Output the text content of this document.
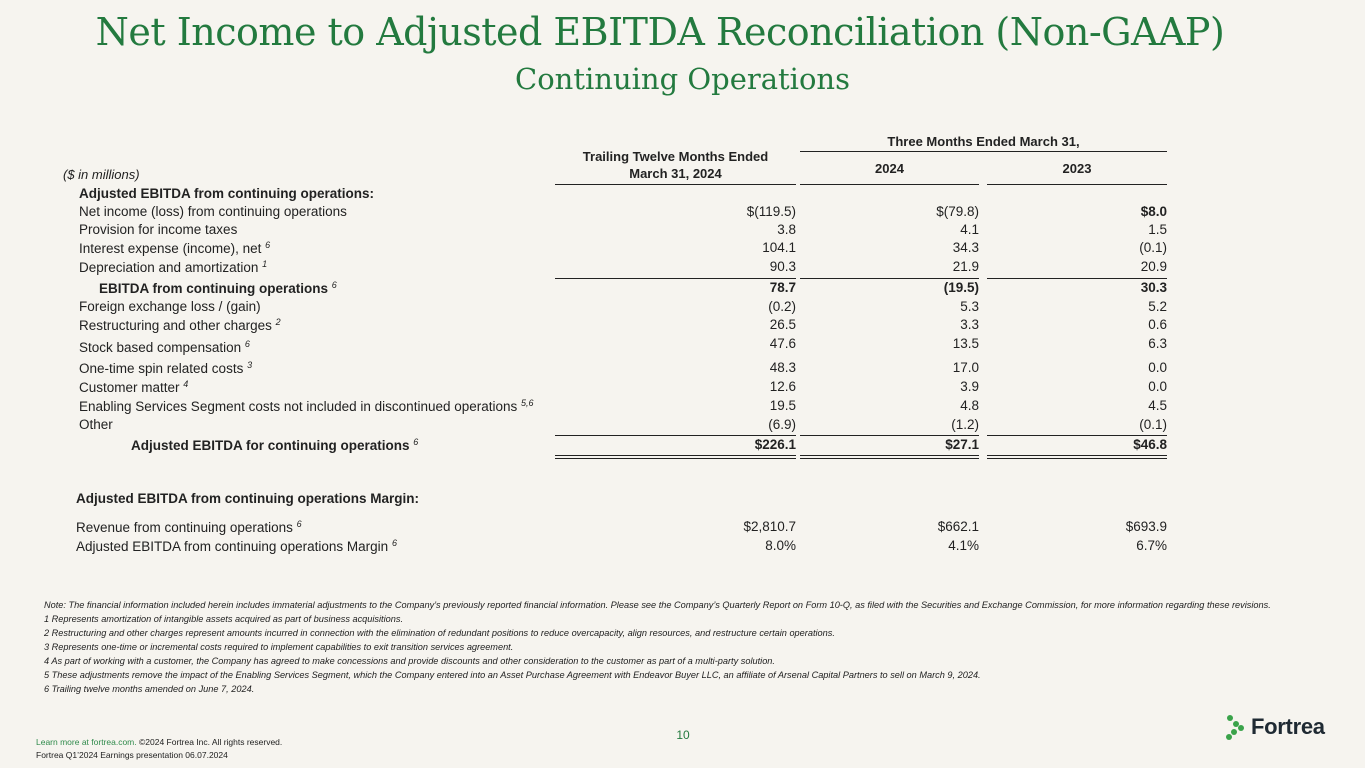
Net Income to Adjusted EBITDA Reconciliation (Non-GAAP)
Continuing Operations
Three Months Ended March 31,
Trailing Twelve Months Ended
March 31, 2024	2024	2023
($ in millions)
Adjusted EBITDA from continuing operations:
Net income (loss) from continuing operations	$(119.5)	$(79.8)	$8.0
Provision for income taxes	3.8	4.1	1.5
Interest expense (income), net $^6$	104.1	34.3	(0.1)
Depreciation and amortization $^1$	90.3	21.9	20.9
EBITDA from continuing operations $^6$	78.7	(19.5)	30.3
Foreign exchange loss / (gain)	(0.2)	5.3	5.2
Restructuring and other charges $^2$	26.5	3.3	0.6
Stock based compensation $^6$	47.6	13.5	6.3
One-time spin related costs $^3$	48.3	17.0	0.0
Customer matter $^4$	12.6	3.9	0.0
Enabling Services Segment costs not included in discontinued operations $^{5,6}$	19.5	4.8	4.5
Other	(6.9)	(1.2)	(0.1)
Adjusted EBITDA for continuing operations $^6$	$226.1	$27.1	$46.8
Adjusted EBITDA from continuing operations Margin:
Revenue from continuing operations $^6$	$2,810.7	$662.1	$693.9
Adjusted EBITDA from continuing operations Margin $^6$	8.0%	4.1%	6.7%
Note: The financial information included herein includes immaterial adjustments to the Company’s previously reported financial information. Please see the Company’s Quarterly Report on Form 10-Q, as filed with the Securities and Exchange Commission, for more information regarding these revisions.
1 Represents amortization of intangible assets acquired as part of business acquisitions.
2 Restructuring and other charges represent amounts incurred in connection with the elimination of redundant positions to reduce overcapacity, align resources, and restructure certain operations.
3 Represents one-time or incremental costs required to implement capabilities to exit transition services agreement.
4 As part of working with a customer, the Company has agreed to make concessions and provide discounts and other consideration to the customer as part of a multi-party solution.
5 These adjustments remove the impact of the Enabling Services Segment, which the Company entered into an Asset Purchase Agreement with Endeavor Buyer LLC, an affiliate of Arsenal Capital Partners to sell on March 9, 2024.
6 Trailing twelve months amended on June 7, 2024.
10
Learn more at fortrea.com. ©2024 Fortrea Inc. All rights reserved.
Fortrea Q1’2024 Earnings presentation 06.07.2024
Fortrea
